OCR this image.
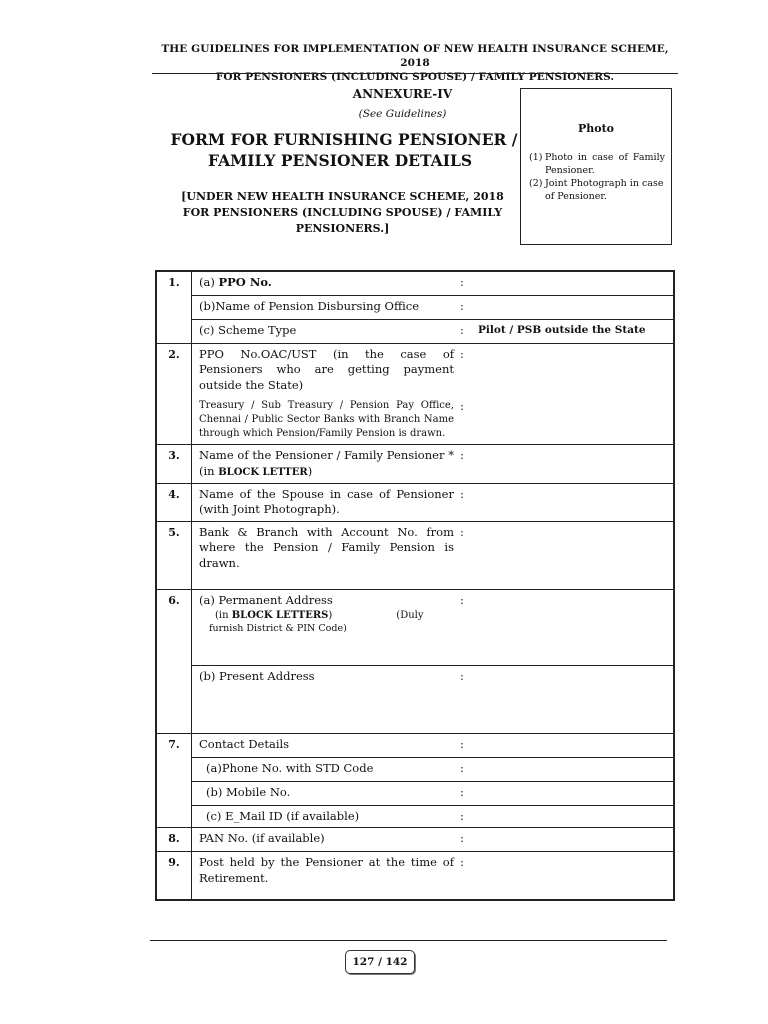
THE GUIDELINES FOR IMPLEMENTATION OF NEW HEALTH INSURANCE SCHEME, 2018
FOR PENSIONERS (INCLUDING SPOUSE) / FAMILY PENSIONERS.
ANNEXURE-IV
(See Guidelines)
FORM FOR FURNISHING PENSIONER /
FAMILY PENSIONER DETAILS
[UNDER NEW HEALTH INSURANCE SCHEME, 2018
FOR PENSIONERS (INCLUDING SPOUSE) / FAMILY
PENSIONERS.]
Photo
(1) Photo in case of Family Pensioner.
(2) Joint Photograph in case of Pensioner.
1.	(a) PPO No.	:	
	(b)Name of Pension Disbursing Office	:	
	(c) Scheme Type	:	Pilot / PSB outside the State
2.	PPO No.OAC/UST (in the case of Pensioners who are getting payment outside the State)	:	
	Treasury / Sub Treasury / Pension Pay Office, Chennai / Public Sector Banks with Branch Name through which Pension/Family Pension is drawn.	:	
3.	Name of the Pensioner / Family Pensioner * (in BLOCK LETTER)	:	
4.	Name of the Spouse in case of Pensioner (with Joint Photograph).	:	
5.	Bank & Branch with Account No. from where the Pension / Family Pension is drawn.	:	
6.	(a) Permanent Address
(in BLOCK LETTERS) (Duly
furnish District & PIN Code)	:	
	(b) Present Address	:	
7.	Contact Details	:	
	(a)Phone No. with STD Code	:	
	(b) Mobile No.	:	
	(c) E_Mail ID (if available)	:	
8.	PAN No. (if available)	:	
9.	Post held by the Pensioner at the time of Retirement.	:	
127 / 142
